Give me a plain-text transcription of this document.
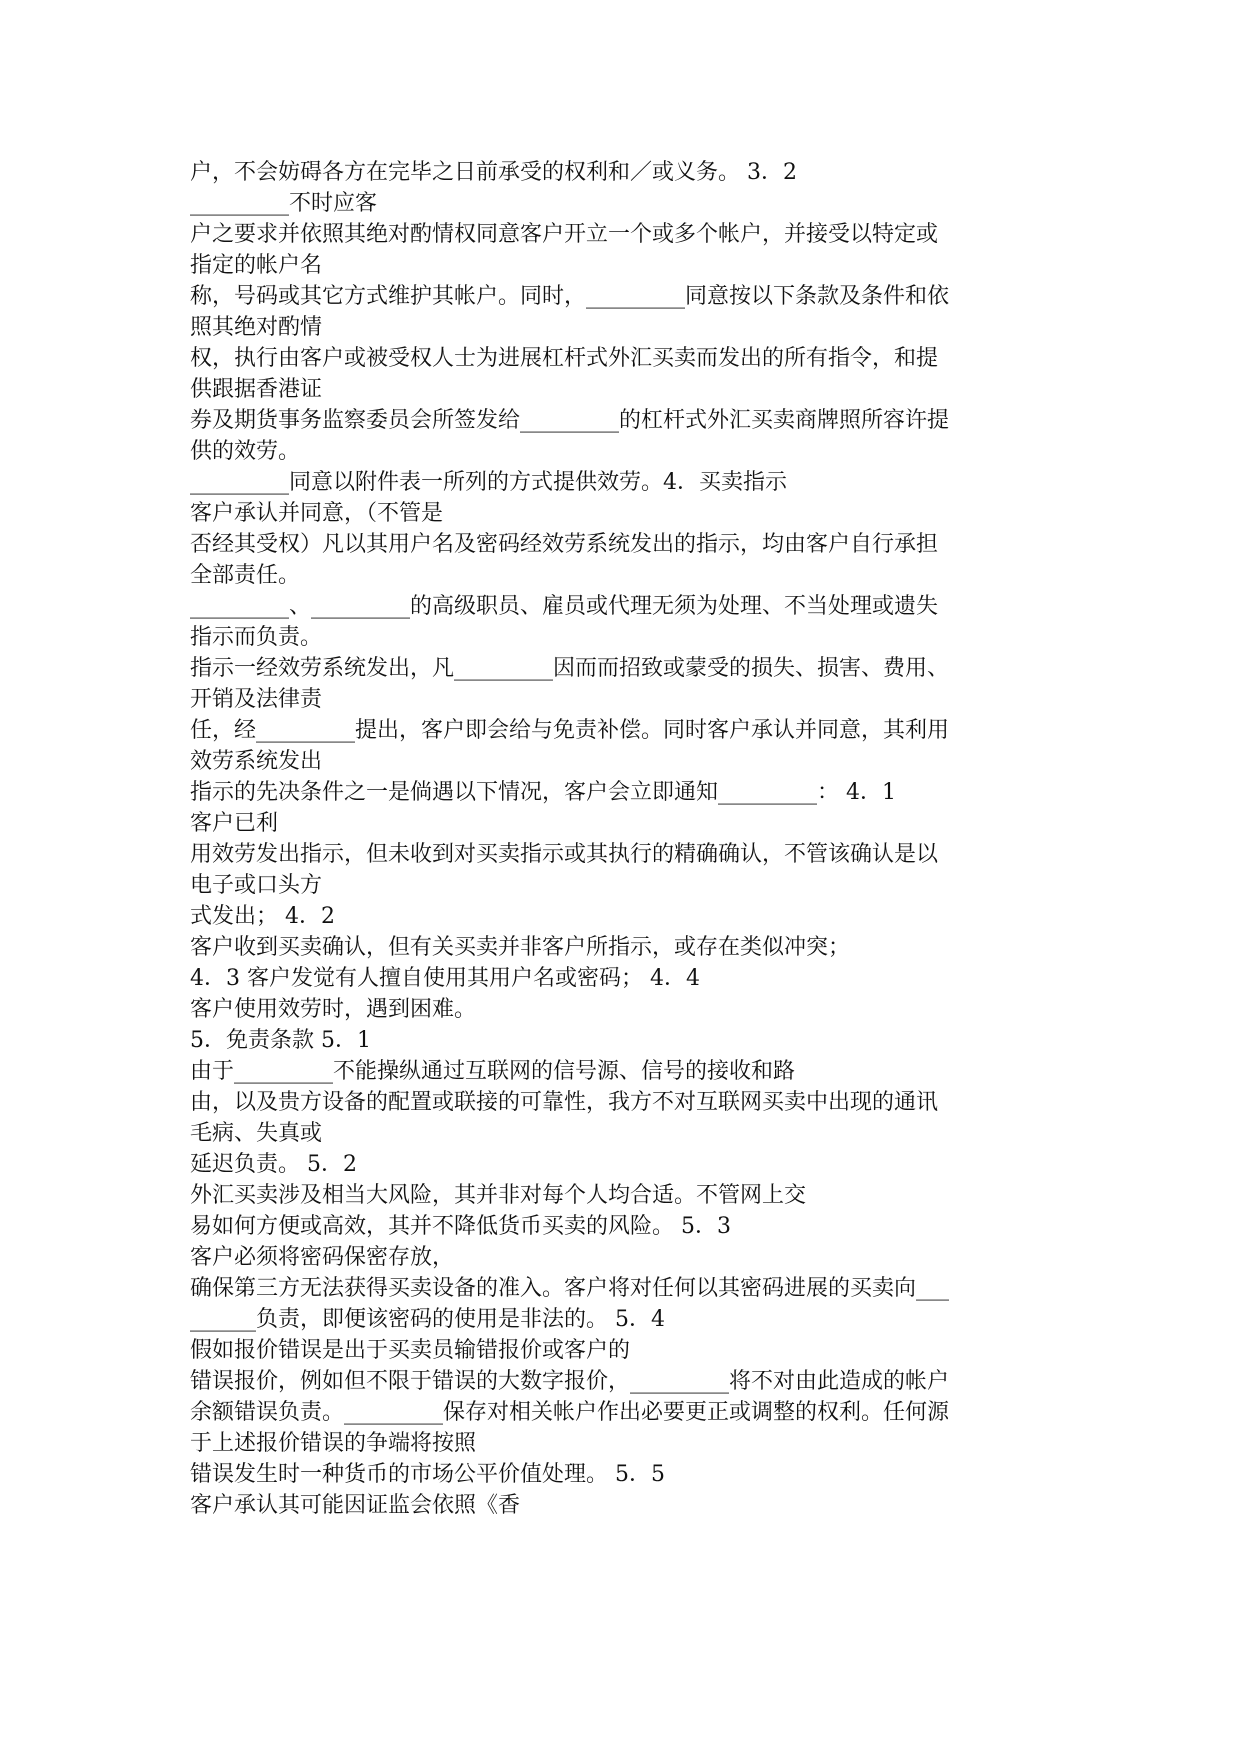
户，不会妨碍各方在完毕之日前承受的权利和／或义务。 3．2
_________不时应客
户之要求并依照其绝对酌情权同意客户开立一个或多个帐户，并接受以特定或
指定的帐户名
称，号码或其它方式维护其帐户。同时，_________同意按以下条款及条件和依
照其绝对酌情
权，执行由客户或被受权人士为进展杠杆式外汇买卖而发出的所有指令，和提
供跟据香港证
券及期货事务监察委员会所签发给_________的杠杆式外汇买卖商牌照所容许提
供的效劳。
_________同意以附件表一所列的方式提供效劳。4．买卖指示
客户承认并同意，（不管是
否经其受权）凡以其用户名及密码经效劳系统发出的指示，均由客户自行承担
全部责任。
_________、_________的高级职员、雇员或代理无须为处理、不当处理或遗失
指示而负责。
指示一经效劳系统发出，凡_________因而而招致或蒙受的损失、损害、费用、
开销及法律责
任，经_________提出，客户即会给与免责补偿。同时客户承认并同意，其利用
效劳系统发出
指示的先决条件之一是倘遇以下情况，客户会立即通知_________： 4．1
客户已利
用效劳发出指示，但未收到对买卖指示或其执行的精确确认，不管该确认是以
电子或口头方
式发出； 4．2
客户收到买卖确认，但有关买卖并非客户所指示，或存在类似冲突；
4．3 客户发觉有人擅自使用其用户名或密码； 4．4
客户使用效劳时，遇到困难。
5．免责条款 5．1
由于_________不能操纵通过互联网的信号源、信号的接收和路
由，以及贵方设备的配置或联接的可靠性，我方不对互联网买卖中出现的通讯
毛病、失真或
延迟负责。 5．2
外汇买卖涉及相当大风险，其并非对每个人均合适。不管网上交
易如何方便或高效，其并不降低货币买卖的风险。 5．3
客户必须将密码保密存放，
确保第三方无法获得买卖设备的准入。客户将对任何以其密码进展的买卖向___
______负责，即便该密码的使用是非法的。 5．4
假如报价错误是出于买卖员输错报价或客户的
错误报价，例如但不限于错误的大数字报价，_________将不对由此造成的帐户
余额错误负责。_________保存对相关帐户作出必要更正或调整的权利。任何源
于上述报价错误的争端将按照
错误发生时一种货币的市场公平价值处理。 5．5
客户承认其可能因证监会依照《香
